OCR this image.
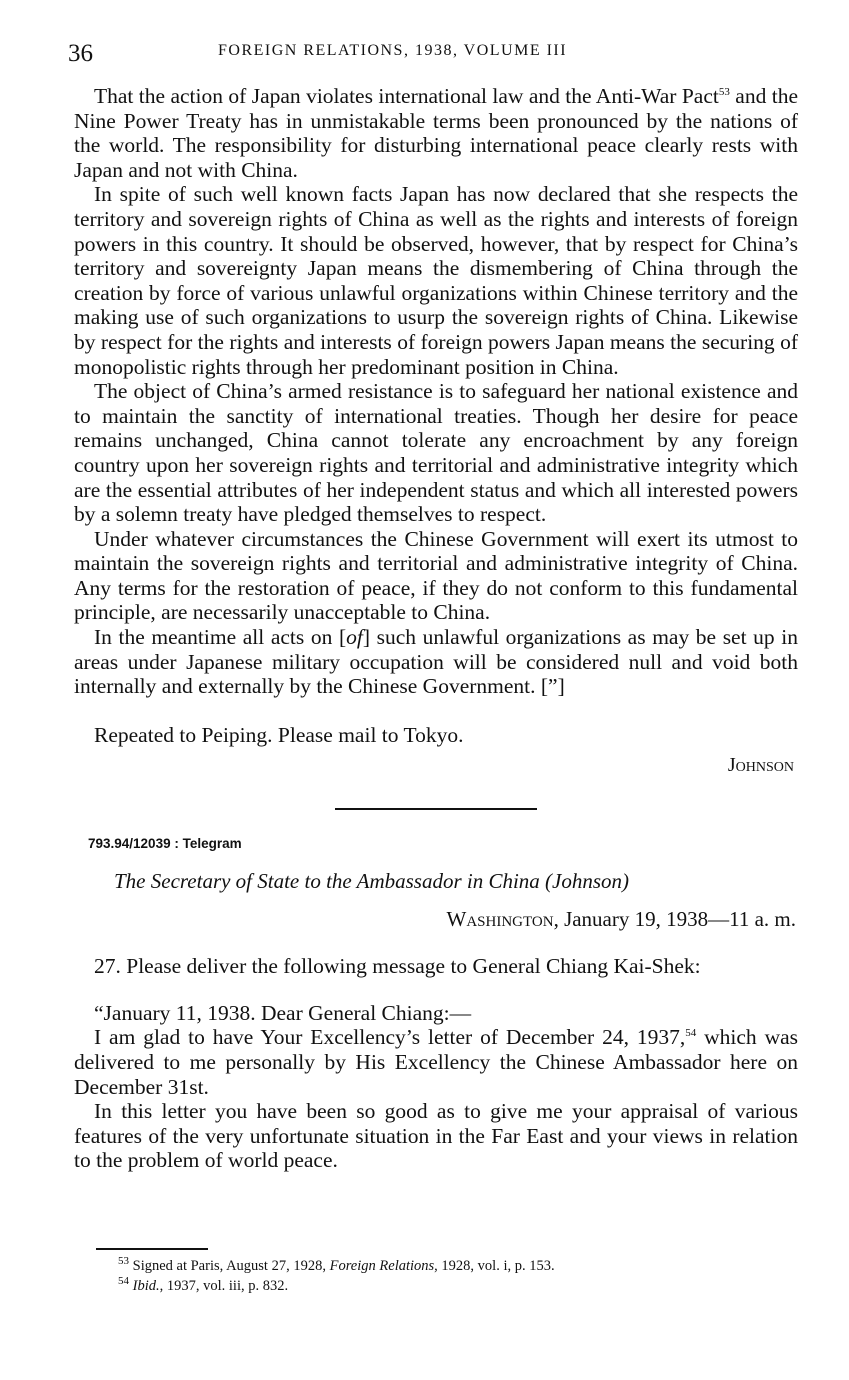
36	FOREIGN RELATIONS, 1938, VOLUME III

That the action of Japan violates international law and the Anti-War Pact$^{53}$ and the Nine Power Treaty has in unmistakable terms been pronounced by the nations of the world. The responsibility for disturbing international peace clearly rests with Japan and not with China.

In spite of such well known facts Japan has now declared that she respects the territory and sovereign rights of China as well as the rights and interests of foreign powers in this country. It should be observed, however, that by respect for China’s territory and sovereignty Japan means the dismembering of China through the creation by force of various unlawful organizations within Chinese territory and the making use of such organizations to usurp the sovereign rights of China. Likewise by respect for the rights and interests of foreign powers Japan means the securing of monopolistic rights through her predominant position in China.

The object of China’s armed resistance is to safeguard her national existence and to maintain the sanctity of international treaties. Though her desire for peace remains unchanged, China cannot tolerate any encroachment by any foreign country upon her sovereign rights and territorial and administrative integrity which are the essential attributes of her independent status and which all interested powers by a solemn treaty have pledged themselves to respect.

Under whatever circumstances the Chinese Government will exert its utmost to maintain the sovereign rights and territorial and administrative integrity of China. Any terms for the restoration of peace, if they do not conform to this fundamental principle, are necessarily unacceptable to China.

In the meantime all acts on [of] such unlawful organizations as may be set up in areas under Japanese military occupation will be considered null and void both internally and externally by the Chinese Government. [”]

Repeated to Peiping. Please mail to Tokyo.

Johnson
793.94/12039 : Telegram
The Secretary of State to the Ambassador in China (Johnson)
Washington, January 19, 1938—11 a. m.

27. Please deliver the following message to General Chiang Kai-Shek:

“January 11, 1938. Dear General Chiang:—

I am glad to have Your Excellency’s letter of December 24, 1937,54 which was delivered to me personally by His Excellency the Chinese Ambassador here on December 31st.

In this letter you have been so good as to give me your appraisal of various features of the very unfortunate situation in the Far East and your views in relation to the problem of world peace.

$^{53}$ Signed at Paris, August 27, 1928, Foreign Relations, 1928, vol. i, p. 153.

$^{54}$ Ibid., 1937, vol. iii, p. 832.
